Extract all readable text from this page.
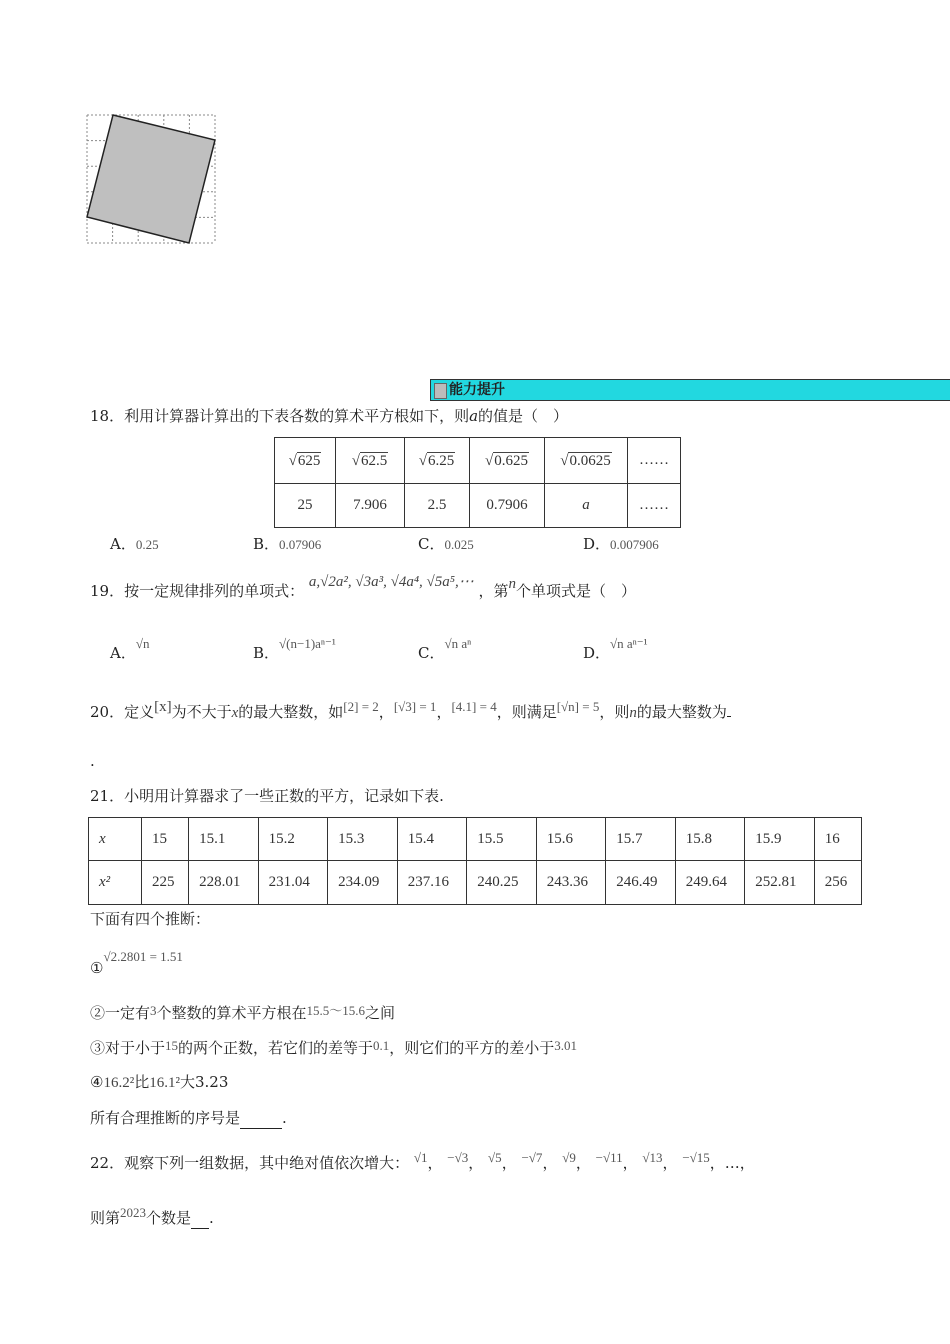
能力提升
18．利用计算器计算出的下表各数的算术平方根如下，则a的值是（　）
√625	√62.5	√6.25	√0.625	√0.0625	……
25	7.906	2.5	0.7906	a	……
A．0.25	B．0.07906	C．0.025	D．0.007906
19．按一定规律排列的单项式： a,√2a², √3a³, √4a⁴, √5a⁵,⋯ ，第n个单项式是（　）
A．√n
B．√(n−1)aⁿ⁻¹
C．√n aⁿ
D．√n aⁿ⁻¹
20．定义[x]为不大于x的最大整数，如[2] = 2，[√3] = 1，[4.1] = 4，则满足[√n] = 5，则n的最大整数为
.
21．小明用计算器求了一些正数的平方，记录如下表.
x	15	15.1	15.2	15.3	15.4	15.5	15.6	15.7	15.8	15.9	16
x²	225	228.01	231.04	234.09	237.16	240.25	243.36	246.49	249.64	252.81	256
下面有四个推断：
①√2.2801 = 1.51
②一定有3个整数的算术平方根在15.5～15.6之间
③对于小于15的两个正数，若它们的差等于0.1，则它们的平方的差小于3.01
④16.2²比16.1²大3.23
所有合理推断的序号是	.
22．观察下列一组数据，其中绝对值依次增大： √1， −√3， √5， −√7， √9， −√11， √13， −√15，…，
则第2023个数是 .
